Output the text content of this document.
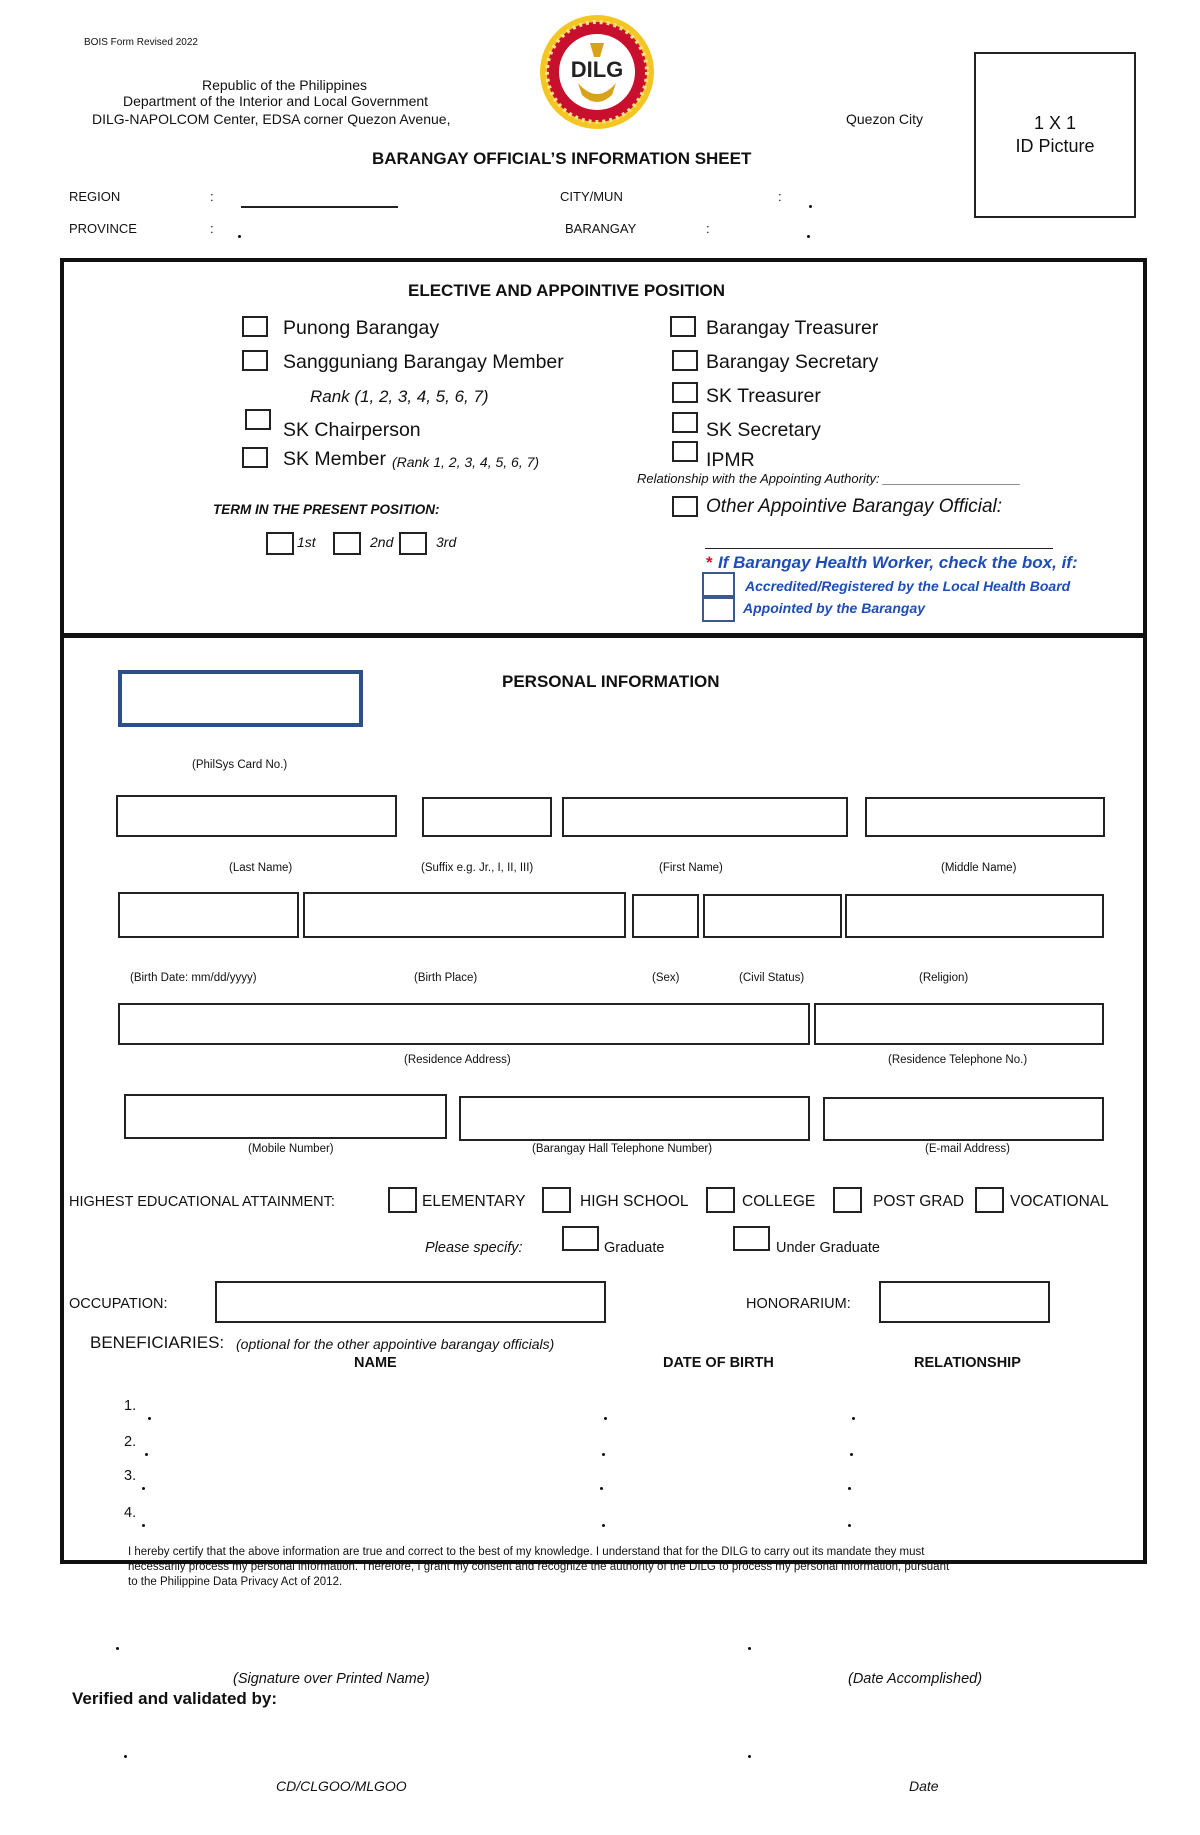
BOIS Form Revised 2022
Republic of the Philippines
Department of the Interior and Local Government
DILG-NAPOLCOM Center, EDSA corner Quezon Avenue,	Quezon City
DILG
1 X 1
ID Picture
BARANGAY OFFICIAL’S INFORMATION SHEET
REGION	:
PROVINCE	:
CITY/MUN	:
BARANGAY	:
ELECTIVE AND APPOINTIVE POSITION
Punong Barangay
Sangguniang Barangay Member
Rank (1, 2, 3, 4, 5, 6, 7)
SK Chairperson
SK Member (Rank 1, 2, 3, 4, 5, 6, 7)
TERM IN THE PRESENT POSITION:
1st	2nd	3rd
Barangay Treasurer
Barangay Secretary
SK Treasurer
SK Secretary
IPMR
Relationship with the Appointing Authority: ___________________
Other Appointive Barangay Official:
* If Barangay Health Worker, check the box, if:
Accredited/Registered by the Local Health Board
Appointed by the Barangay
PERSONAL INFORMATION
(PhilSys Card No.)
(Last Name)	(Suffix e.g. Jr., I, II, III)	(First Name)	(Middle Name)
(Birth Date: mm/dd/yyyy)	(Birth Place)	(Sex)	(Civil Status)	(Religion)
(Residence Address)	(Residence Telephone No.)
(Mobile Number)	(Barangay Hall Telephone Number)	(E-mail Address)
HIGHEST EDUCATIONAL ATTAINMENT:	ELEMENTARY	HIGH SCHOOL	COLLEGE	POST GRAD	VOCATIONAL
Please specify:	Graduate	Under Graduate
OCCUPATION:	HONORARIUM:
BENEFICIARIES: (optional for the other appointive barangay officials)
NAME	DATE OF BIRTH	RELATIONSHIP
1.
2.
3.
4.
I hereby certify that the above information are true and correct to the best of my knowledge. I understand that for the DILG to carry out its mandate they must
necessarily process my personal information. Therefore, I grant my consent and recognize the authority of the DILG to process my personal information, pursuant
to the Philippine Data Privacy Act of 2012.
(Signature over Printed Name)	(Date Accomplished)
Verified and validated by:
CD/CLGOO/MLGOO	Date
